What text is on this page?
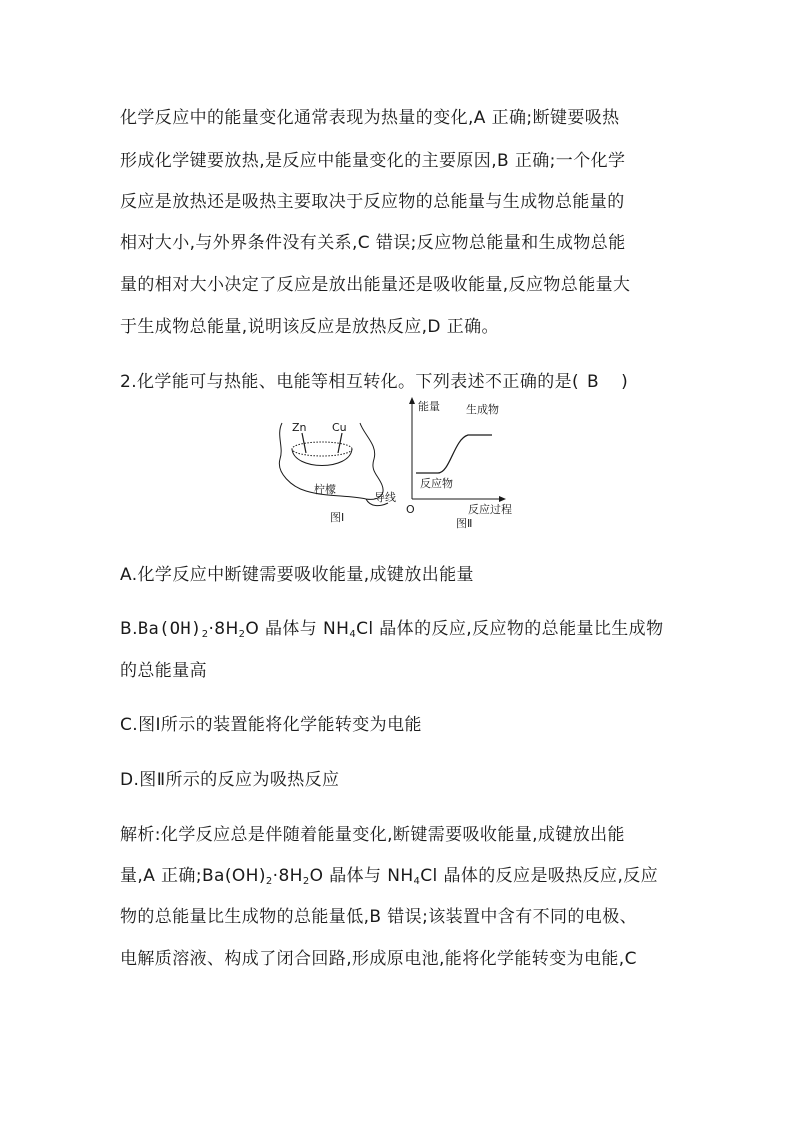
化学反应中的能量变化通常表现为热量的变化,A 正确;断键要吸热
形成化学键要放热,是反应中能量变化的主要原因,B 正确;一个化学
反应是放热还是吸热主要取决于反应物的总能量与生成物总能量的
相对大小,与外界条件没有关系,C 错误;反应物总能量和生成物总能
量的相对大小决定了反应是放出能量还是吸收能量,反应物总能量大
于生成物总能量,说明该反应是放热反应,D 正确。
2.化学能可与热能、电能等相互转化。下列表述不正确的是( B )
Zn Cu
柠檬
导线
图Ⅰ
能量 生成物
反应物
O	反应过程
图Ⅱ
A.化学反应中断键需要吸收能量,成键放出能量
$B.Ba(OH)_2\cdot 8H_2O$ 晶体与 $NH_4Cl$ 晶体的反应,反应物的总能量比生成物
的总能量高
C.图Ⅰ所示的装置能将化学能转变为电能
D.图Ⅱ所示的反应为吸热反应
解析:化学反应总是伴随着能量变化,断键需要吸收能量,成键放出能
量,A 正确$;Ba(OH)_2\cdot 8H_2O$ 晶体与 $NH_4Cl$ 晶体的反应是吸热反应,反应
物的总能量比生成物的总能量低,B 错误;该装置中含有不同的电极、
电解质溶液、构成了闭合回路,形成原电池,能将化学能转变为电能,C
